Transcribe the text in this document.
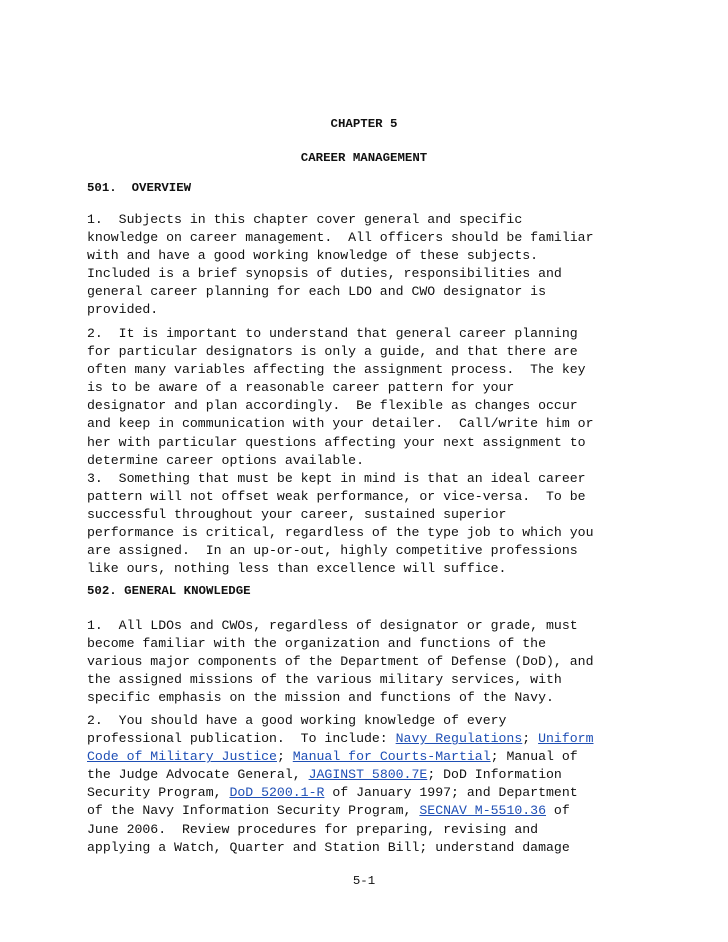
CHAPTER 5
CAREER MANAGEMENT
501.  OVERVIEW
1.  Subjects in this chapter cover general and specific
knowledge on career management.  All officers should be familiar
with and have a good working knowledge of these subjects.
Included is a brief synopsis of duties, responsibilities and
general career planning for each LDO and CWO designator is
provided.
2.  It is important to understand that general career planning
for particular designators is only a guide, and that there are
often many variables affecting the assignment process.  The key
is to be aware of a reasonable career pattern for your
designator and plan accordingly.  Be flexible as changes occur
and keep in communication with your detailer.  Call/write him or
her with particular questions affecting your next assignment to
determine career options available.
3.  Something that must be kept in mind is that an ideal career
pattern will not offset weak performance, or vice-versa.  To be
successful throughout your career, sustained superior
performance is critical, regardless of the type job to which you
are assigned.  In an up-or-out, highly competitive professions
like ours, nothing less than excellence will suffice.
502. GENERAL KNOWLEDGE
1.  All LDOs and CWOs, regardless of designator or grade, must
become familiar with the organization and functions of the
various major components of the Department of Defense (DoD), and
the assigned missions of the various military services, with
specific emphasis on the mission and functions of the Navy.
2.  You should have a good working knowledge of every
professional publication.  To include: Navy Regulations; Uniform
Code of Military Justice; Manual for Courts-Martial; Manual of
the Judge Advocate General, JAGINST 5800.7E; DoD Information
Security Program, DoD 5200.1-R of January 1997; and Department
of the Navy Information Security Program, SECNAV M-5510.36 of
June 2006.  Review procedures for preparing, revising and
applying a Watch, Quarter and Station Bill; understand damage
5-1
